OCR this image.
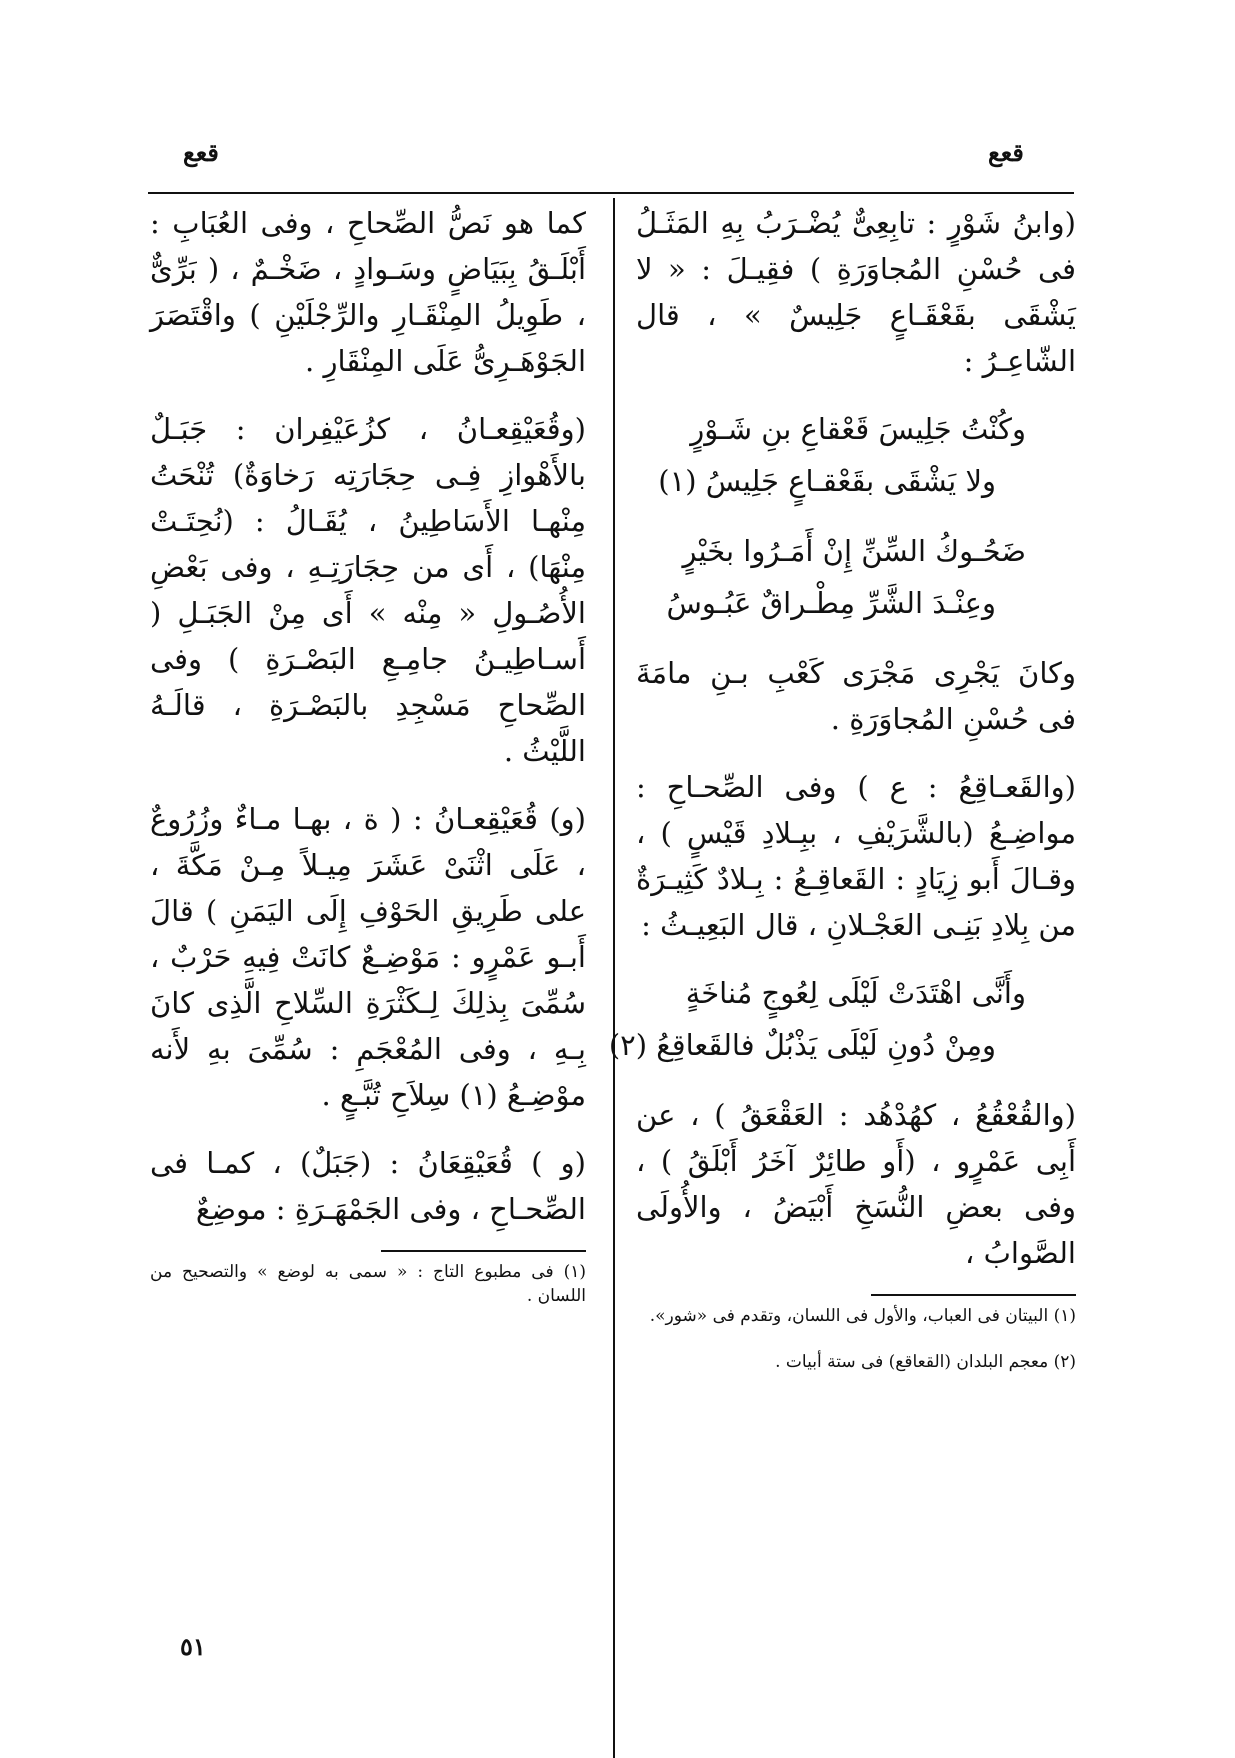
قعع
قعع

(وابنُ شَوْرٍ : تابِعِىٌّ يُضْـرَبُ بِهِ المَثَـلُ فى حُسْنِ المُجاوَرَةِ ) فقِيـلَ : « لا يَشْقَى بقَعْقَـاعٍ جَلِيسٌ » ، قال الشّاعِـرُ :

وكُنْتُ جَلِيسَ قَعْقاعِ بنِ شَـوْرٍ
ولا يَشْقَى بقَعْقـاعٍ جَلِيسُ (١)
ضَحُـوكُ السِّنِّ إِنْ أَمَـرُوا بخَيْرٍ
وعِنْـدَ الشَّرِّ مِطْـراقٌ عَبُـوسُ

وكانَ يَجْرِى مَجْرَى كَعْبِ بـنِ مامَةَ فى حُسْنِ المُجاوَرَةِ .

(والقَعـاقِعُ : ع ) وفى الصِّحـاحِ : مواضِـعُ (بالشَّرَيْفِ ، ببِـلادِ قَيْسٍ ) ، وقـالَ أَبو زِيَادٍ : القَعاقِـعُ : بِـلادٌ كَثِيـرَةٌ من بِلادِ بَنِـى العَجْـلانِ ، قال البَعِيـثُ :

وأَنَّى اهْتَدَتْ لَيْلَى لِعُوجٍ مُناخَةٍ
ومِنْ دُونِ لَيْلَى يَذْبُلٌ فالقَعاقِعُ (٢)

(والقُعْقُعُ ، كهُدْهُد : العَقْعَقُ ) ، عن أَبِى عَمْرٍو ، (أَو طائِرٌ آخَرُ أَبْلَقُ ) ، وفى بعضِ النُّسَخِ أَبْيَضُ ، والأُولَى الصَّوابُ ،

(١) البيتان فى العباب، والأول فى اللسان، وتقدم فى «شور».

(٢) معجم البلدان (القعاقع) فى ستة أبيات .

كما هو نَصُّ الصِّحاحِ ، وفى العُبَابِ : أَبْلَـقُ بِبَيَاضٍ وسَـوادٍ ، ضَخْـمٌ ، ( بَرِّىٌّ ، طَوِيلُ المِنْقَـارِ والرِّجْلَيْنِ ) واقْتَصَرَ الجَوْهَـرِىُّ عَلَى المِنْقَارِ .

(وقُعَيْقِعـانُ ، كزُعَيْفِران : جَبَـلٌ بالأَهْوازِ فِـى حِجَارَتِه رَخاوَةٌ) تُنْحَتُ مِنْهـا الأَسَاطِينُ ، يُقَـالُ : (نُحِتَـتْ مِنْهَا) ، أَى من حِجَارَتِـهِ ، وفى بَعْضِ الأُصُـولِ « مِنْه » أَى مِنْ الجَبَـلِ ( أَسـاطِيـنُ جامِـعِ البَصْـرَةِ ) وفى الصِّحاحِ مَسْجِدِ بالبَصْـرَةِ ، قالَـهُ اللَّيْثُ .

(و) قُعَيْقِعـانُ : ( ة ، بهـا مـاءٌ وزُرُوعٌ ، عَلَى اثْنَىْ عَشَرَ مِيـلاً مِـنْ مَكَّةَ ، على طَرِيقِ الحَوْفِ إِلَى اليَمَنِ ) قالَ أَبـو عَمْرٍو : مَوْضِـعٌ كانَتْ فِيهِ حَرْبٌ ، سُمِّىَ بِذلِكَ لِـكَثْرَةِ السِّلاحِ الَّذِى كانَ بِـهِ ، وفى المُعْجَمِ : سُمِّىَ بهِ لأَنه موْضِـعُ (١) سِلاَحِ تُبَّـعٍ .

(و ) قُعَيْقِعَانُ : (جَبَلٌ) ، كمـا فى الصِّحـاحِ ، وفى الجَمْهَـرَةِ : موضِعٌ

(١) فى مطبوع التاج : « سمى به لوضع » والتصحيح من اللسان .

٥١
